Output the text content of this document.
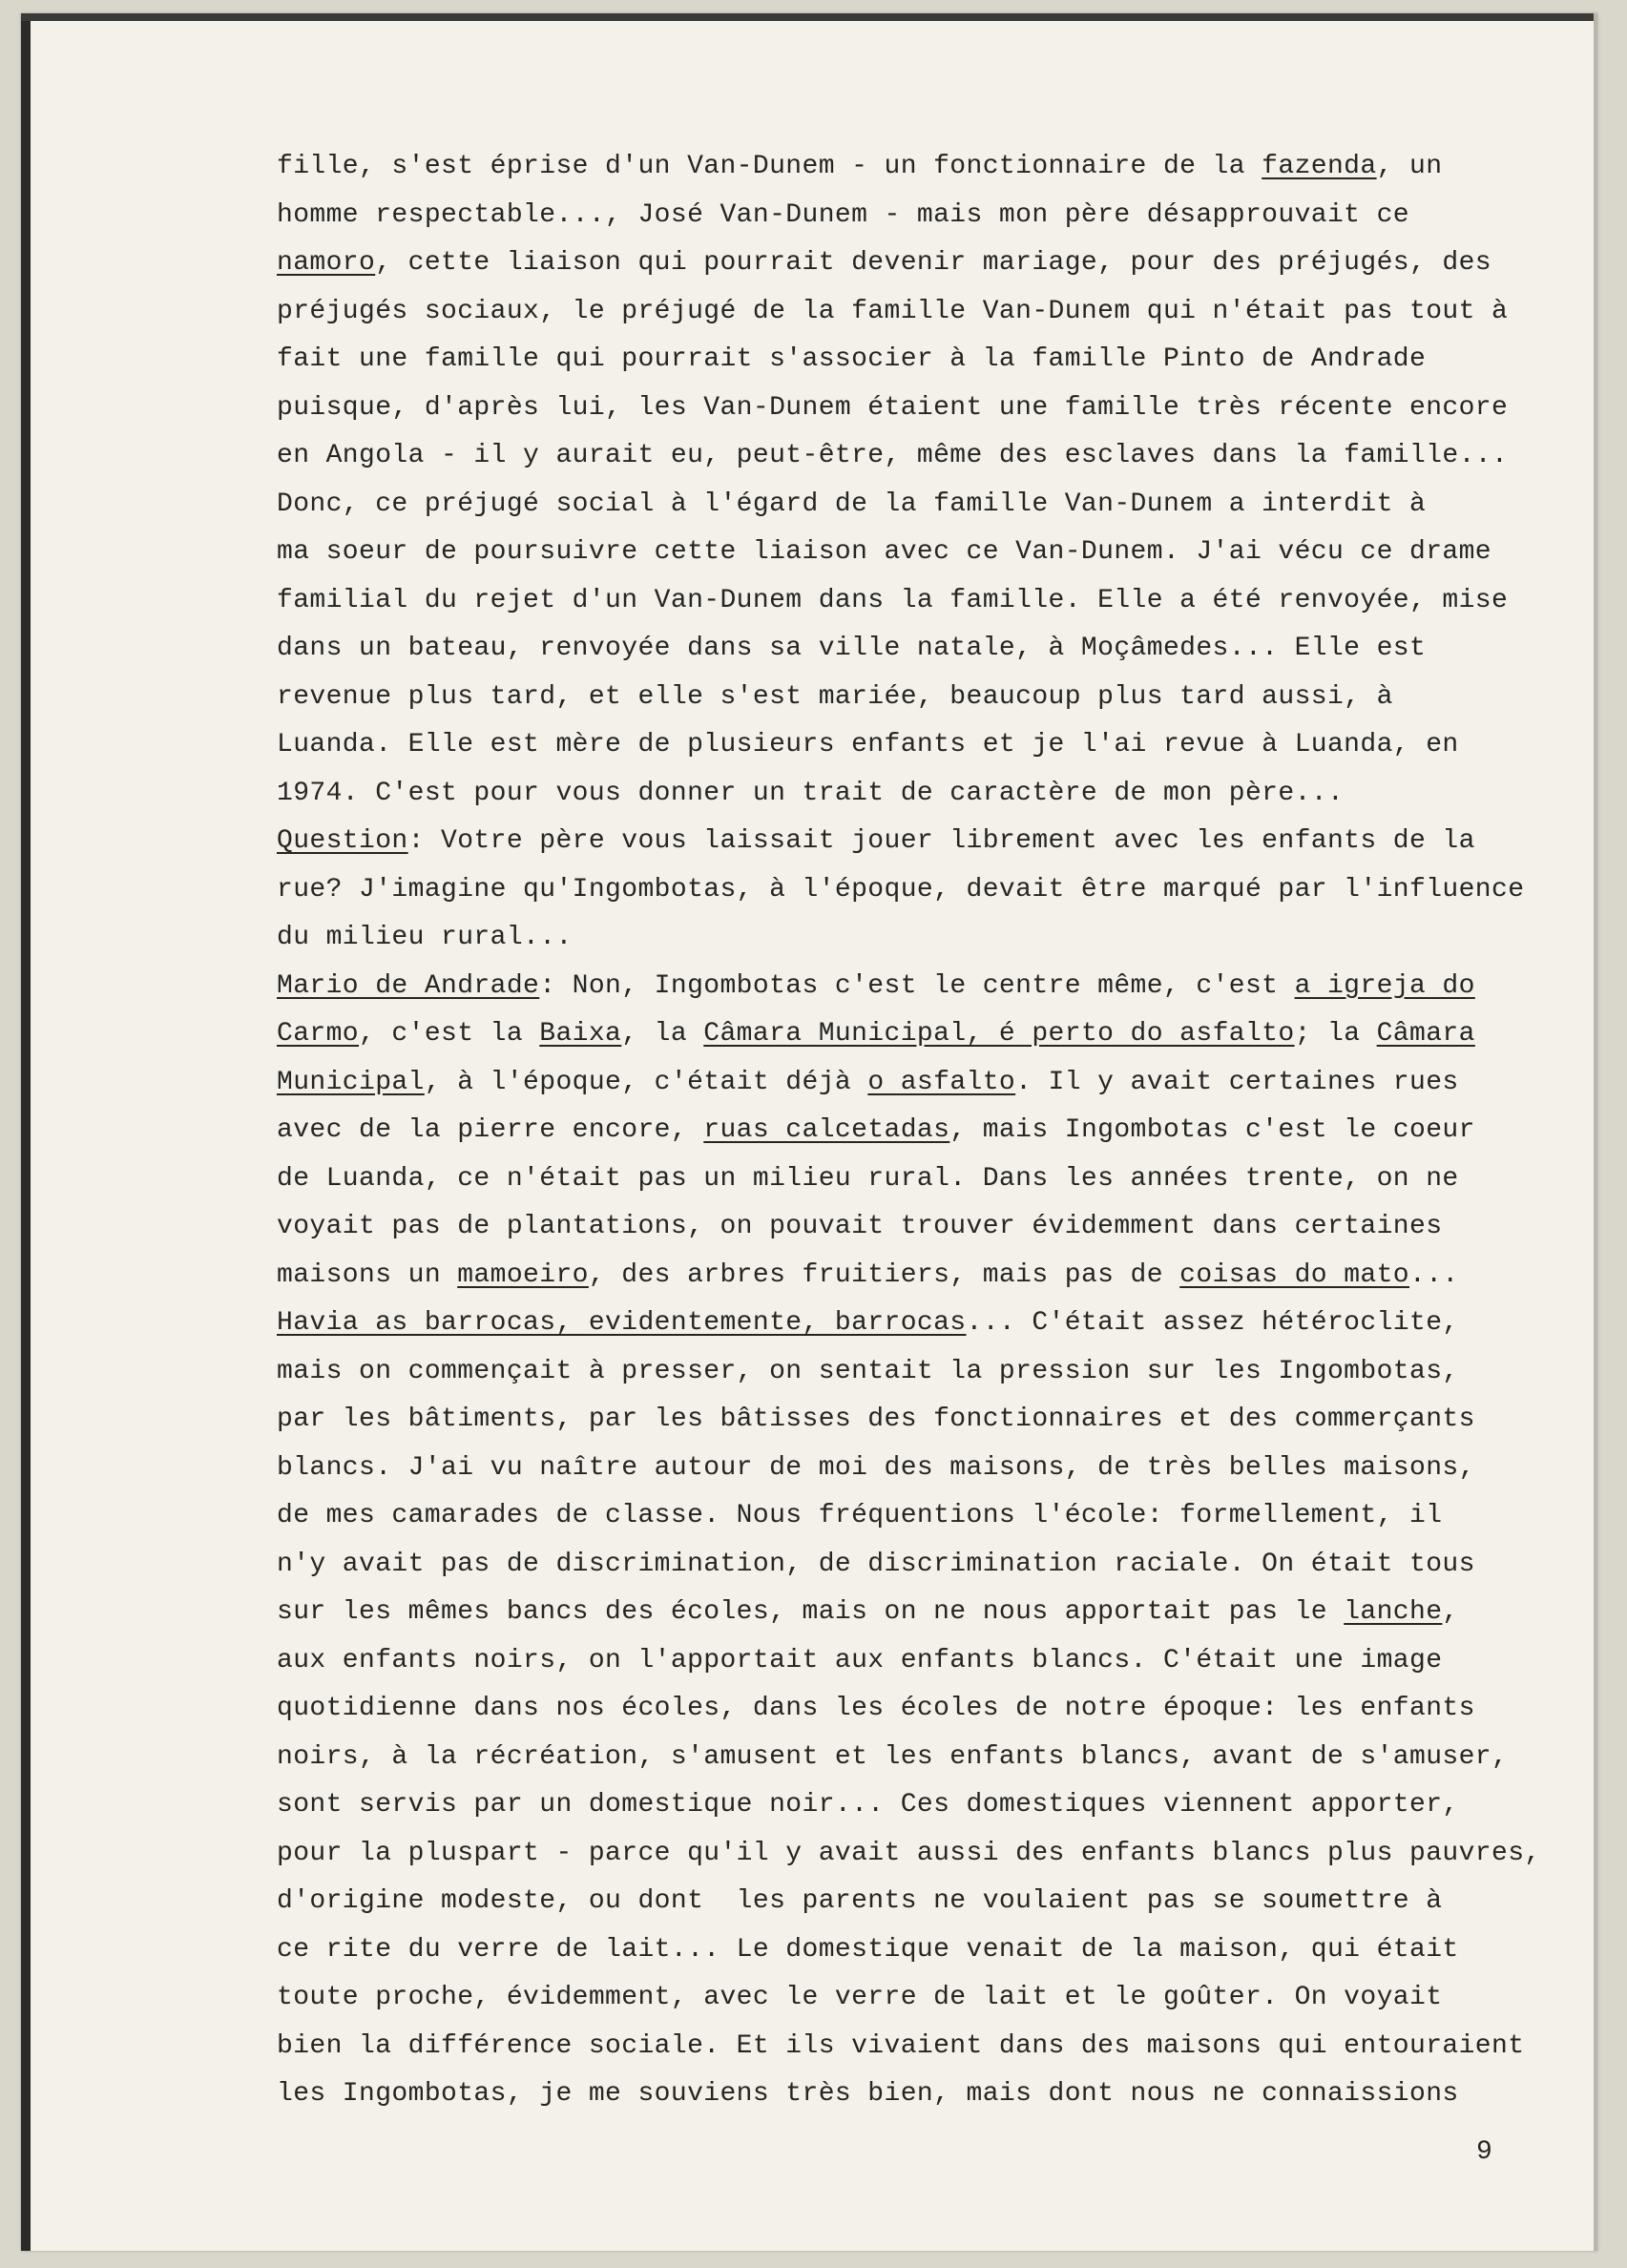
fille, s'est éprise d'un Van-Dunem - un fonctionnaire de la fazenda, un
homme respectable..., José Van-Dunem - mais mon père désapprouvait ce
namoro, cette liaison qui pourrait devenir mariage, pour des préjugés, des
préjugés sociaux, le préjugé de la famille Van-Dunem qui n'était pas tout à
fait une famille qui pourrait s'associer à la famille Pinto de Andrade
puisque, d'après lui, les Van-Dunem étaient une famille très récente encore
en Angola - il y aurait eu, peut-être, même des esclaves dans la famille...
Donc, ce préjugé social à l'égard de la famille Van-Dunem a interdit à
ma soeur de poursuivre cette liaison avec ce Van-Dunem. J'ai vécu ce drame
familial du rejet d'un Van-Dunem dans la famille. Elle a été renvoyée, mise
dans un bateau, renvoyée dans sa ville natale, à Moçâmedes... Elle est
revenue plus tard, et elle s'est mariée, beaucoup plus tard aussi, à
Luanda. Elle est mère de plusieurs enfants et je l'ai revue à Luanda, en
1974. C'est pour vous donner un trait de caractère de mon père...
Question: Votre père vous laissait jouer librement avec les enfants de la
rue? J'imagine qu'Ingombotas, à l'époque, devait être marqué par l'influence
du milieu rural...
Mario de Andrade: Non, Ingombotas c'est le centre même, c'est a igreja do
Carmo, c'est la Baixa, la Câmara Municipal, é perto do asfalto; la Câmara
Municipal, à l'époque, c'était déjà o asfalto. Il y avait certaines rues
avec de la pierre encore, ruas calcetadas, mais Ingombotas c'est le coeur
de Luanda, ce n'était pas un milieu rural. Dans les années trente, on ne
voyait pas de plantations, on pouvait trouver évidemment dans certaines
maisons un mamoeiro, des arbres fruitiers, mais pas de coisas do mato...
Havia as barrocas, evidentemente, barrocas... C'était assez hétéroclite,
mais on commençait à presser, on sentait la pression sur les Ingombotas,
par les bâtiments, par les bâtisses des fonctionnaires et des commerçants
blancs. J'ai vu naître autour de moi des maisons, de très belles maisons,
de mes camarades de classe. Nous fréquentions l'école: formellement, il
n'y avait pas de discrimination, de discrimination raciale. On était tous
sur les mêmes bancs des écoles, mais on ne nous apportait pas le lanche,
aux enfants noirs, on l'apportait aux enfants blancs. C'était une image
quotidienne dans nos écoles, dans les écoles de notre époque: les enfants
noirs, à la récréation, s'amusent et les enfants blancs, avant de s'amuser,
sont servis par un domestique noir... Ces domestiques viennent apporter,
pour la pluspart - parce qu'il y avait aussi des enfants blancs plus pauvres,
d'origine modeste, ou dont  les parents ne voulaient pas se soumettre à
ce rite du verre de lait... Le domestique venait de la maison, qui était
toute proche, évidemment, avec le verre de lait et le goûter. On voyait
bien la différence sociale. Et ils vivaient dans des maisons qui entouraient
les Ingombotas, je me souviens très bien, mais dont nous ne connaissions
9
